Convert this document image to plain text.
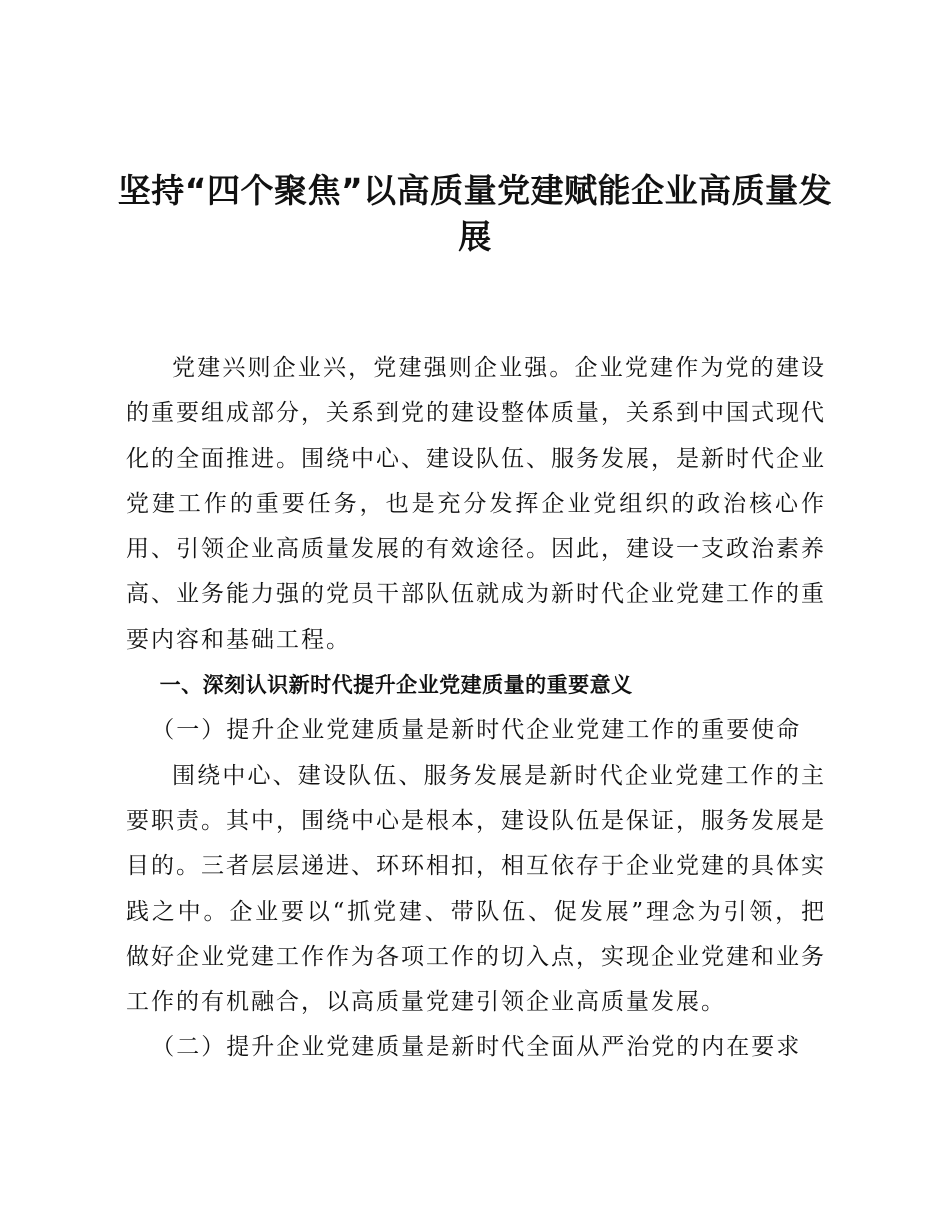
坚持“四个聚焦”以高质量党建赋能企业高质量发展

党建兴则企业兴，党建强则企业强。企业党建作为党的建设的重要组成部分，关系到党的建设整体质量，关系到中国式现代化的全面推进。围绕中心、建设队伍、服务发展，是新时代企业党建工作的重要任务，也是充分发挥企业党组织的政治核心作用、引领企业高质量发展的有效途径。因此，建设一支政治素养高、业务能力强的党员干部队伍就成为新时代企业党建工作的重要内容和基础工程。

一、深刻认识新时代提升企业党建质量的重要意义

（一）提升企业党建质量是新时代企业党建工作的重要使命

围绕中心、建设队伍、服务发展是新时代企业党建工作的主要职责。其中，围绕中心是根本，建设队伍是保证，服务发展是目的。三者层层递进、环环相扣，相互依存于企业党建的具体实践之中。企业要以“抓党建、带队伍、促发展”理念为引领，把做好企业党建工作作为各项工作的切入点，实现企业党建和业务工作的有机融合，以高质量党建引领企业高质量发展。

（二）提升企业党建质量是新时代全面从严治党的内在要求
